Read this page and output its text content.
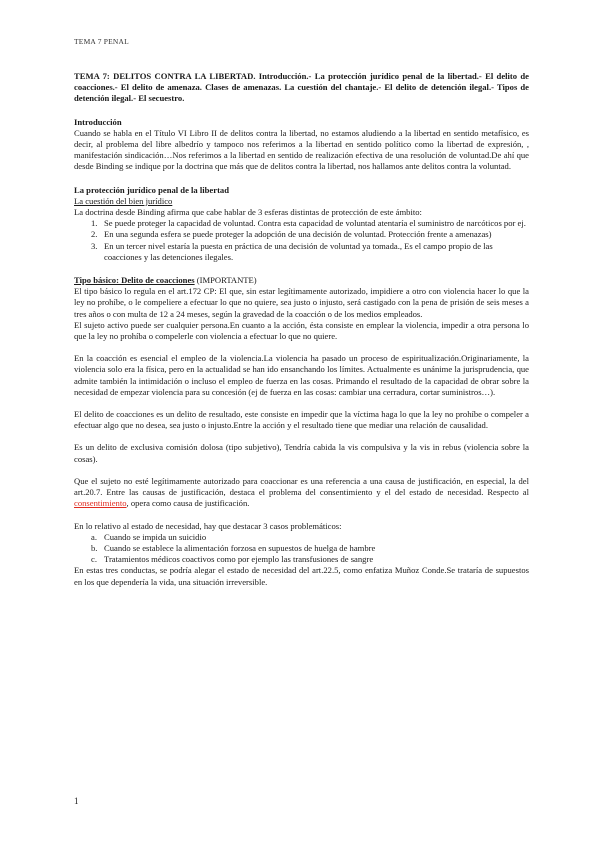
TEMA 7 PENAL

TEMA 7: DELITOS CONTRA LA LIBERTAD. Introducción.- La protección jurídico penal de la libertad.- El delito de coacciones.- El delito de amenaza. Clases de amenazas. La cuestión del chantaje.- El delito de detención ilegal.- Tipos de detención ilegal.- El secuestro.

Introducción

Cuando se habla en el Título VI Libro II de delitos contra la libertad, no estamos aludiendo a la libertad en sentido metafísico, es decir, al problema del libre albedrío y tampoco nos referimos a la libertad en sentido político como la libertad de expresión, , manifestación sindicación…Nos referimos a la libertad en sentido de realización efectiva de una resolución de voluntad.De ahí que desde Binding se indique por la doctrina que más que de delitos contra la libertad, nos hallamos ante delitos contra la voluntad.

La protección jurídico penal de la libertad

La cuestión del bien jurídico

La doctrina desde Binding afirma que cabe hablar de 3 esferas distintas de protección de este ámbito:

1. Se puede proteger la capacidad de voluntad. Contra esta capacidad de voluntad atentaría el suministro de narcóticos por ej.
2. En una segunda esfera se puede proteger la adopción de una decisión de voluntad. Protección frente a amenazas)
3. En un tercer nivel estaría la puesta en práctica de una decisión de voluntad ya tomada., Es el campo propio de las coacciones y las detenciones ilegales.

Tipo básico: Delito de coacciones (IMPORTANTE)

El tipo básico lo regula en el art.172 CP: El que, sin estar legítimamente autorizado, impidiere a otro con violencia hacer lo que la ley no prohíbe, o le compeliere a efectuar lo que no quiere, sea justo o injusto, será castigado con la pena de prisión de seis meses a tres años o con multa de 12 a 24 meses, según la gravedad de la coacción o de los medios empleados.

El sujeto activo puede ser cualquier persona.En cuanto a la acción, ésta consiste en emplear la violencia, impedir a otra persona lo que la ley no prohíba o compelerle con violencia a efectuar lo que no quiere.

En la coacción es esencial el empleo de la violencia.La violencia ha pasado un proceso de espiritualización.Originariamente, la violencia solo era la física, pero en la actualidad se han ido ensanchando los límites. Actualmente es unánime la jurisprudencia, que admite también la intimidación o incluso el empleo de fuerza en las cosas. Primando el resultado de la capacidad de obrar sobre la necesidad de empezar violencia para su concesión (ej de fuerza en las cosas: cambiar una cerradura, cortar suministros…).

El delito de coacciones es un delito de resultado, este consiste en impedir que la víctima haga lo que la ley no prohíbe o compeler a efectuar algo que no desea, sea justo o injusto.Entre la acción y el resultado tiene que mediar una relación de causalidad.

Es un delito de exclusiva comisión dolosa (tipo subjetivo), Tendría cabida la vis compulsiva y la vis in rebus (violencia sobre la cosas).

Que el sujeto no esté legítimamente autorizado para coaccionar es una referencia a una causa de justificación, en especial, la del art.20.7. Entre las causas de justificación, destaca el problema del consentimiento y el del estado de necesidad. Respecto al consentimiento, opera como causa de justificación.

En lo relativo al estado de necesidad, hay que destacar 3 casos problemáticos:

a. Cuando se impida un suicidio
b. Cuando se establece la alimentación forzosa en supuestos de huelga de hambre
c. Tratamientos médicos coactivos como por ejemplo las transfusiones de sangre

En estas tres conductas, se podría alegar el estado de necesidad del art.22.5, como enfatiza Muñoz Conde.Se trataría de supuestos en los que dependería la vida, una situación irreversible.

1
